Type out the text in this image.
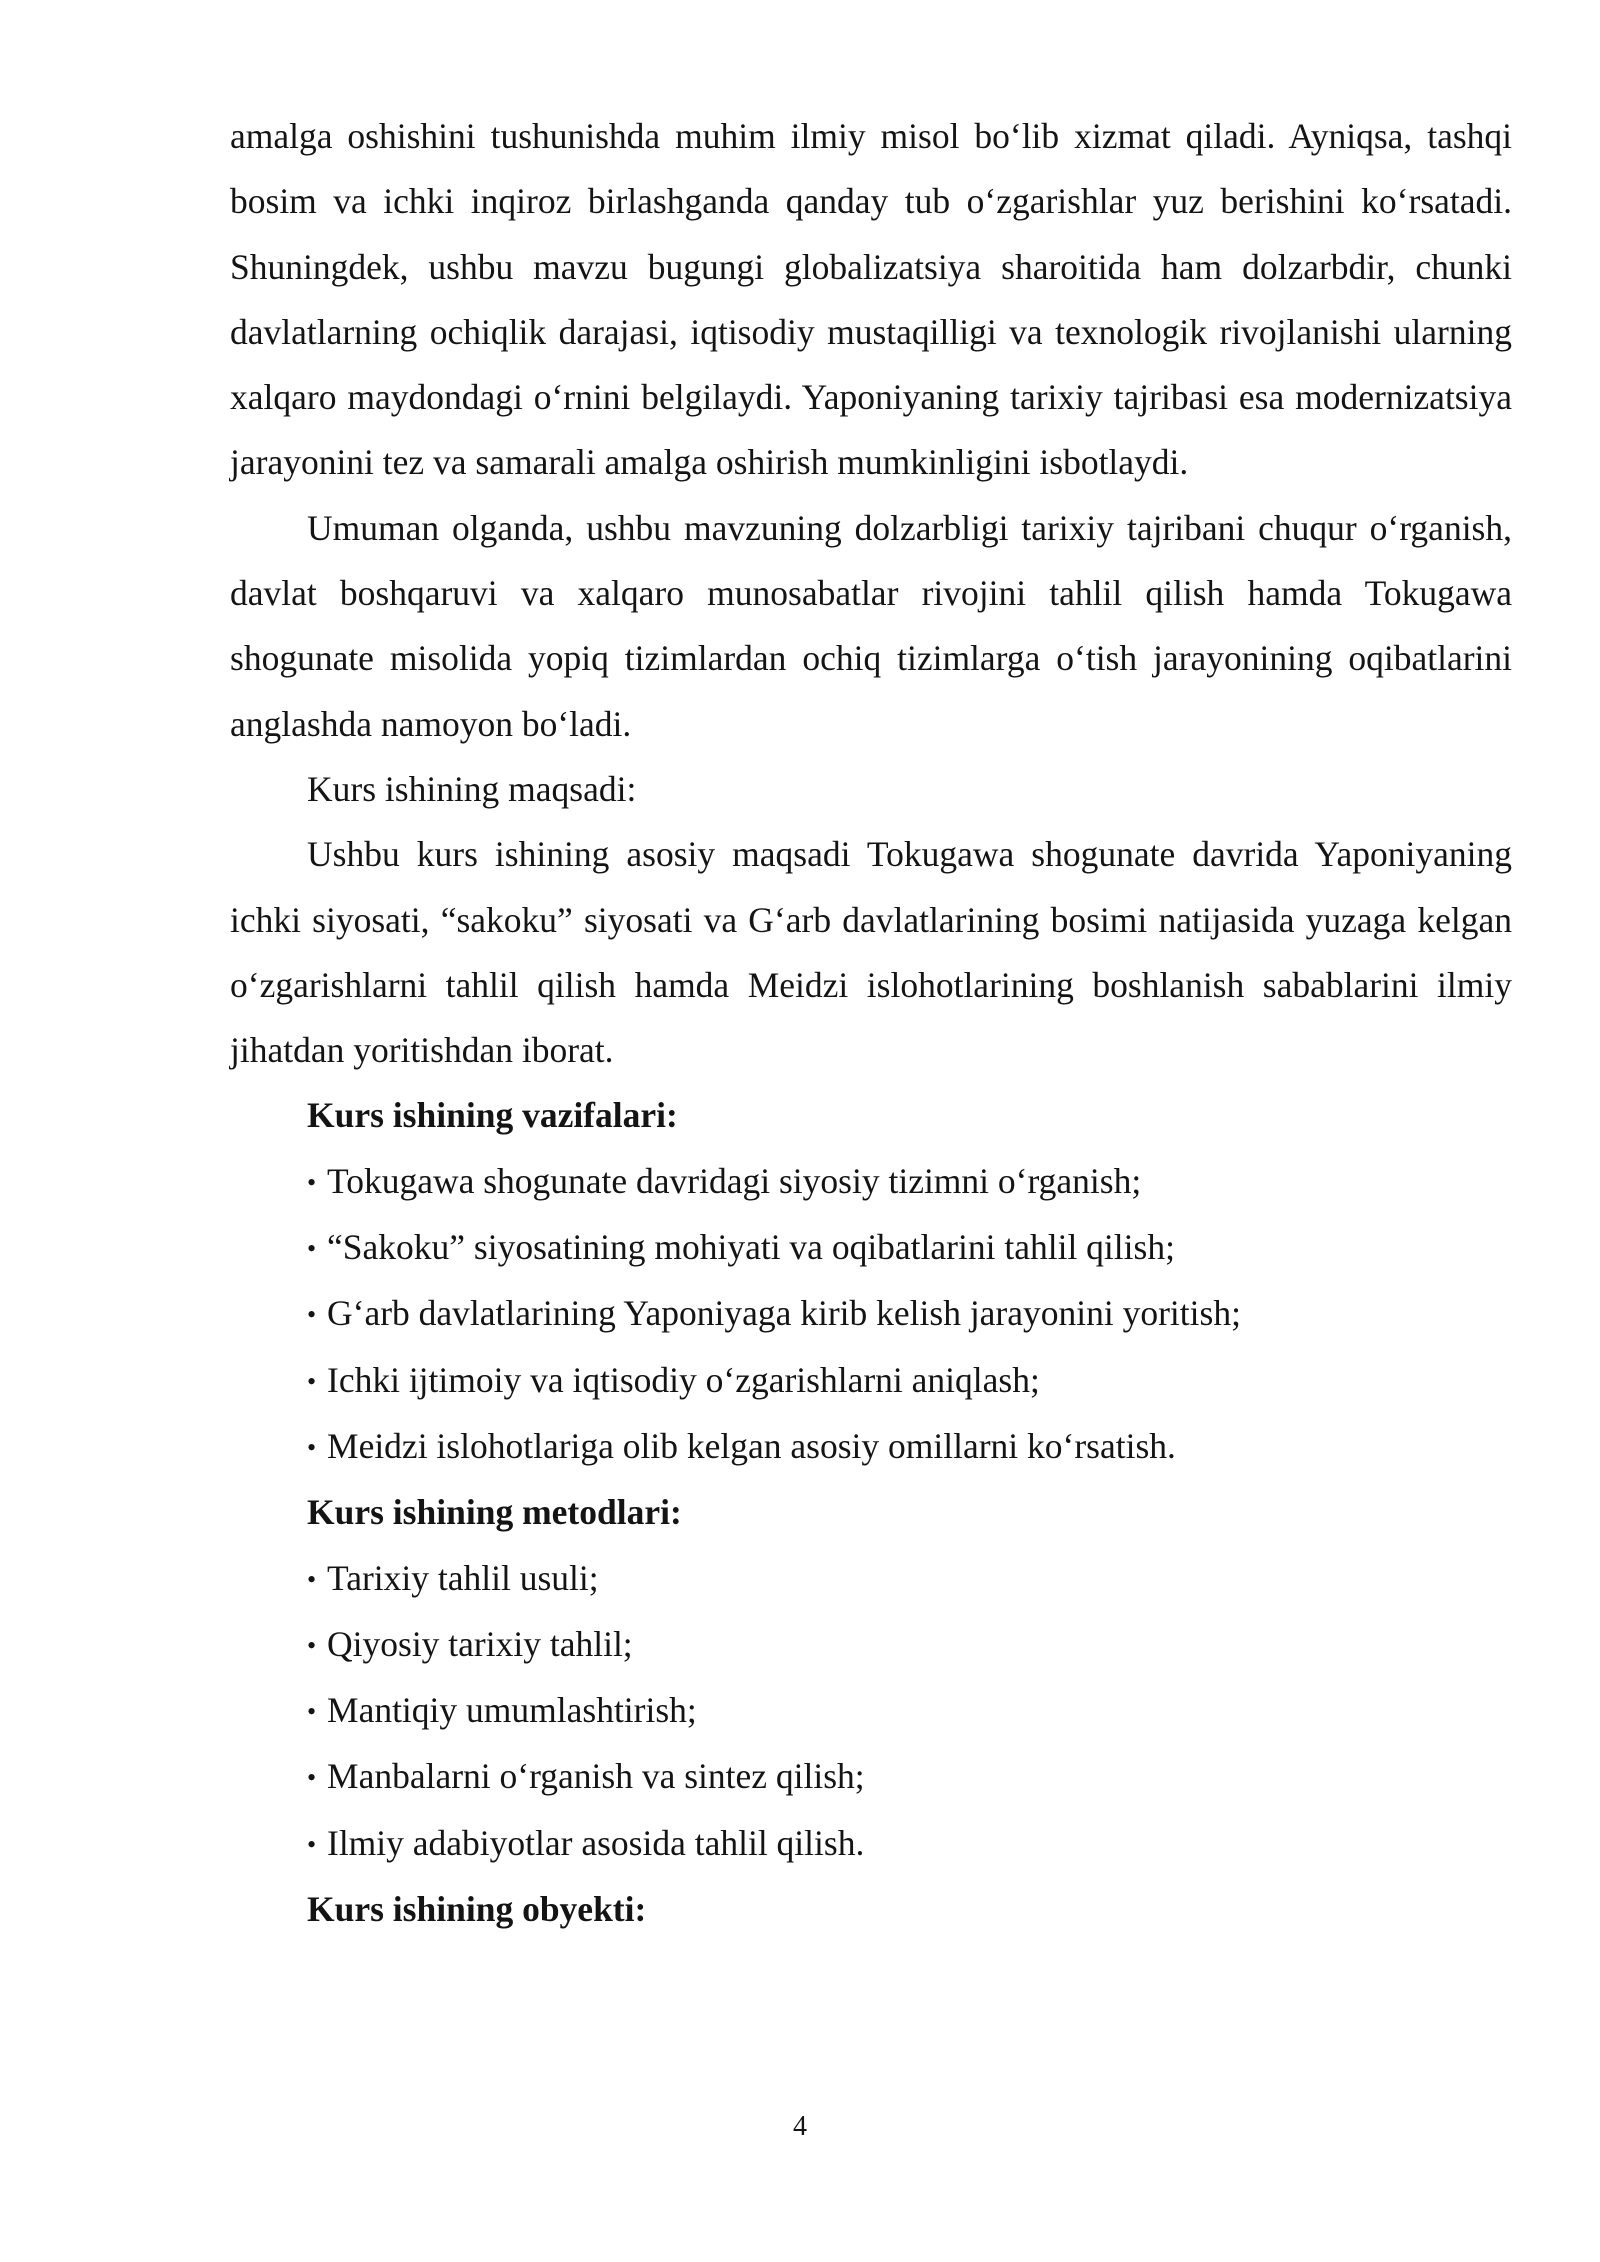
amalga oshishini tushunishda muhim ilmiy misol bo‘lib xizmat qiladi. Ayniqsa, tashqi bosim va ichki inqiroz birlashganda qanday tub o‘zgarishlar yuz berishini ko‘rsatadi. Shuningdek, ushbu mavzu bugungi globalizatsiya sharoitida ham dolzarbdir, chunki davlatlarning ochiqlik darajasi, iqtisodiy mustaqilligi va texnologik rivojlanishi ularning xalqaro maydondagi o‘rnini belgilaydi. Yaponiyaning tarixiy tajribasi esa modernizatsiya jarayonini tez va samarali amalga oshirish mumkinligini isbotlaydi.

Umuman olganda, ushbu mavzuning dolzarbligi tarixiy tajribani chuqur o‘rganish, davlat boshqaruvi va xalqaro munosabatlar rivojini tahlil qilish hamda Tokugawa shogunate misolida yopiq tizimlardan ochiq tizimlarga o‘tish jarayonining oqibatlarini anglashda namoyon bo‘ladi.

Kurs ishining maqsadi:

Ushbu kurs ishining asosiy maqsadi Tokugawa shogunate davrida Yaponiyaning ichki siyosati, “sakoku” siyosati va G‘arb davlatlarining bosimi natijasida yuzaga kelgan o‘zgarishlarni tahlil qilish hamda Meidzi islohotlarining boshlanish sabablarini ilmiy jihatdan yoritishdan iborat.

Kurs ishining vazifalari:

• Tokugawa shogunate davridagi siyosiy tizimni o‘rganish;

• “Sakoku” siyosatining mohiyati va oqibatlarini tahlil qilish;

• G‘arb davlatlarining Yaponiyaga kirib kelish jarayonini yoritish;

• Ichki ijtimoiy va iqtisodiy o‘zgarishlarni aniqlash;

• Meidzi islohotlariga olib kelgan asosiy omillarni ko‘rsatish.

Kurs ishining metodlari:

• Tarixiy tahlil usuli;

• Qiyosiy tarixiy tahlil;

• Mantiqiy umumlashtirish;

• Manbalarni o‘rganish va sintez qilish;

• Ilmiy adabiyotlar asosida tahlil qilish.

Kurs ishining obyekti:

4
